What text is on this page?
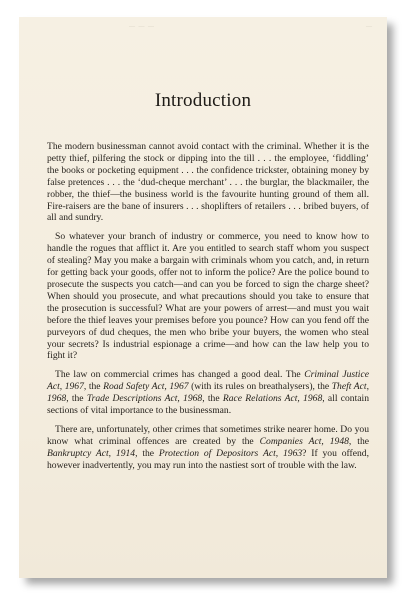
— — —	—
Introduction

The modern businessman cannot avoid contact with the criminal. Whether it is the petty thief, pilfering the stock or dipping into the till . . . the employee, ‘fiddling’ the books or pocketing equipment . . . the confidence trickster, obtaining money by false pretences . . . the ‘dud-cheque merchant’ . . . the burglar, the blackmailer, the robber, the thief—the business world is the favourite hunting ground of them all. Fire-raisers are the bane of insurers . . . shoplifters of retailers . . . bribed buyers, of all and sundry.

So whatever your branch of industry or commerce, you need to know how to handle the rogues that afflict it. Are you entitled to search staff whom you suspect of stealing? May you make a bargain with criminals whom you catch, and, in return for getting back your goods, offer not to inform the police? Are the police bound to prosecute the suspects you catch—and can you be forced to sign the charge sheet? When should you prosecute, and what precautions should you take to ensure that the prosecution is successful? What are your powers of arrest—and must you wait before the thief leaves your premises before you pounce? How can you fend off the purveyors of dud cheques, the men who bribe your buyers, the women who steal your secrets? Is industrial espionage a crime—and how can the law help you to fight it?

The law on commercial crimes has changed a good deal. The Criminal Justice Act, 1967, the Road Safety Act, 1967 (with its rules on breathalysers), the Theft Act, 1968, the Trade Descriptions Act, 1968, the Race Relations Act, 1968, all contain sections of vital importance to the businessman.

There are, unfortunately, other crimes that sometimes strike nearer home. Do you know what criminal offences are created by the Companies Act, 1948, the Bankruptcy Act, 1914, the Protection of Depositors Act, 1963? If you offend, however inadvertently, you may run into the nastiest sort of trouble with the law.
